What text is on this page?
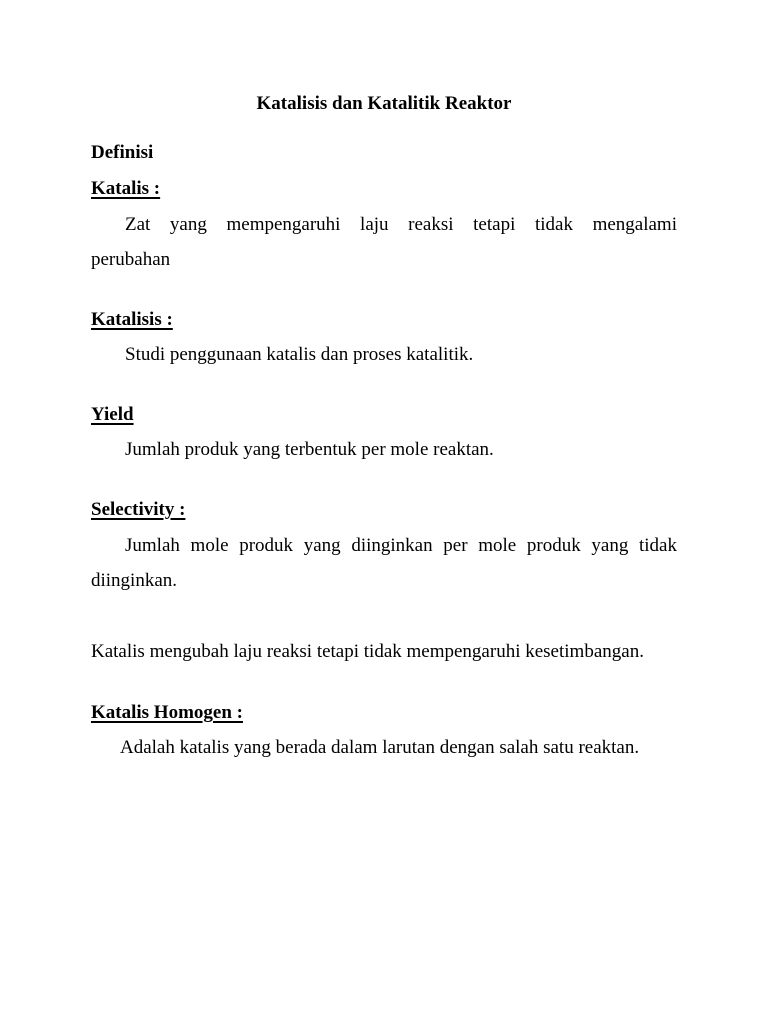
Katalisis dan Katalitik Reaktor
Definisi
Katalis :
Zat yang mempengaruhi laju reaksi tetapi tidak mengalami
perubahan
Katalisis :
Studi penggunaan katalis dan proses katalitik.
Yield
Jumlah produk yang terbentuk per mole reaktan.
Selectivity :
Jumlah mole produk yang diinginkan per mole produk yang tidak
diinginkan.
Katalis mengubah laju reaksi tetapi tidak mempengaruhi kesetimbangan.
Katalis Homogen :
Adalah katalis yang berada dalam larutan dengan salah satu reaktan.
